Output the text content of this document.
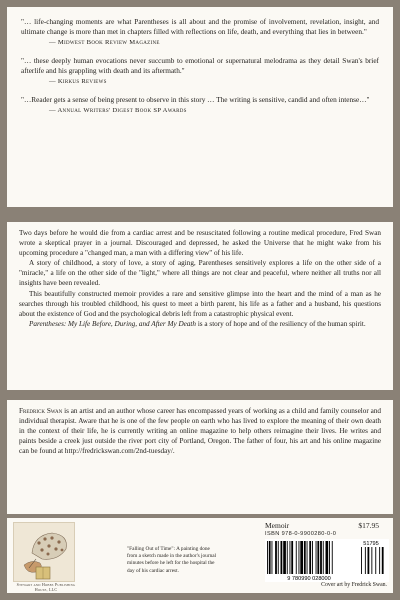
"… life-changing moments are what Parentheses is all about and the promise of involvement, revelation, insight, and ultimate change is more than met in chapters filled with reflections on life, death, and everything that lies in between."

— Midwest Book Review Magazine

"… these deeply human evocations never succumb to emotional or supernatural melodrama as they detail Swan's brief afterlife and his grappling with death and its aftermath."

— Kirkus Reviews

"…Reader gets a sense of being present to observe in this story … The writing is sensitive, candid and often intense…"

— Annual Writers' Digest Book SP Awards

Two days before he would die from a cardiac arrest and be resuscitated following a routine medical procedure, Fred Swan wrote a skeptical prayer in a journal. Discouraged and depressed, he asked the Universe that he might wake from his upcoming procedure a "changed man, a man with a differing view" of his life.

A story of childhood, a story of love, a story of aging, Parentheses sensitively explores a life on the other side of a "miracle," a life on the other side of the "light," where all things are not clear and peaceful, where neither all truths nor all insights have been revealed.

This beautifully constructed memoir provides a rare and sensitive glimpse into the heart and the mind of a man as he searches through his troubled childhood, his quest to meet a birth parent, his life as a father and a husband, his questions about the existence of God and the psychological debris left from a catastrophic physical event.

Parentheses: My Life Before, During, and After My Death is a story of hope and of the resiliency of the human spirit.

Fredrick Swan is an artist and an author whose career has encompassed years of working as a child and family counselor and individual therapist. Aware that he is one of the few people on earth who has lived to explore the meaning of their own death in the context of their life, he is currently writing an online magazine to help others reimagine their lives. He writes and paints beside a creek just outside the river port city of Portland, Oregon. The father of four, his art and his online magazine can be found at http://fredrickswan.com/2nd-tuesday/.

Stewart and Hobbs Publishing House, LLC
"Falling Out of Time": A painting done from a sketch made in the author's journal minutes before he left for the hospital the day of his cardiac arrest.
Memoir	$17.95
ISBN 978-0-9900280-0-0
9 780990 028000
51795
Cover art by Fredrick Swan.
